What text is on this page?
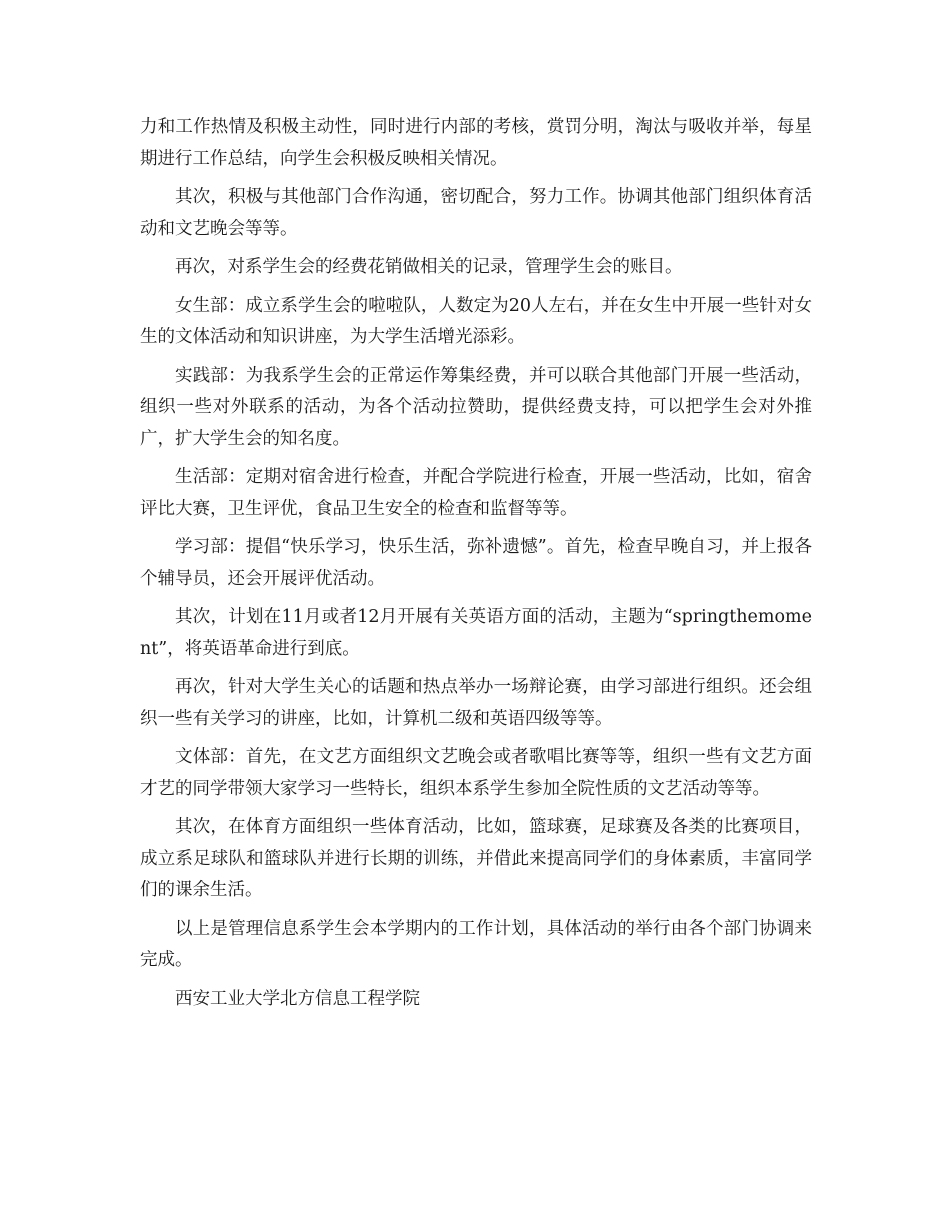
力和工作热情及积极主动性，同时进行内部的考核，赏罚分明，淘汰与吸收并举，每星期进行工作总结，向学生会积极反映相关情况。

其次，积极与其他部门合作沟通，密切配合，努力工作。协调其他部门组织体育活动和文艺晚会等等。

再次，对系学生会的经费花销做相关的记录，管理学生会的账目。

女生部：成立系学生会的啦啦队，人数定为20人左右，并在女生中开展一些针对女生的文体活动和知识讲座，为大学生活增光添彩。

实践部：为我系学生会的正常运作筹集经费，并可以联合其他部门开展一些活动，组织一些对外联系的活动，为各个活动拉赞助，提供经费支持，可以把学生会对外推广，扩大学生会的知名度。

生活部：定期对宿舍进行检查，并配合学院进行检查，开展一些活动，比如，宿舍评比大赛，卫生评优，食品卫生安全的检查和监督等等。

学习部：提倡“快乐学习，快乐生活，弥补遗憾”。首先，检查早晚自习，并上报各个辅导员，还会开展评优活动。

其次，计划在11月或者12月开展有关英语方面的活动，主题为“springthemoment”，将英语革命进行到底。

再次，针对大学生关心的话题和热点举办一场辩论赛，由学习部进行组织。还会组织一些有关学习的讲座，比如，计算机二级和英语四级等等。

文体部：首先，在文艺方面组织文艺晚会或者歌唱比赛等等，组织一些有文艺方面才艺的同学带领大家学习一些特长，组织本系学生参加全院性质的文艺活动等等。

其次，在体育方面组织一些体育活动，比如，篮球赛，足球赛及各类的比赛项目，成立系足球队和篮球队并进行长期的训练，并借此来提高同学们的身体素质，丰富同学们的课余生活。

以上是管理信息系学生会本学期内的工作计划，具体活动的举行由各个部门协调来完成。

西安工业大学北方信息工程学院
